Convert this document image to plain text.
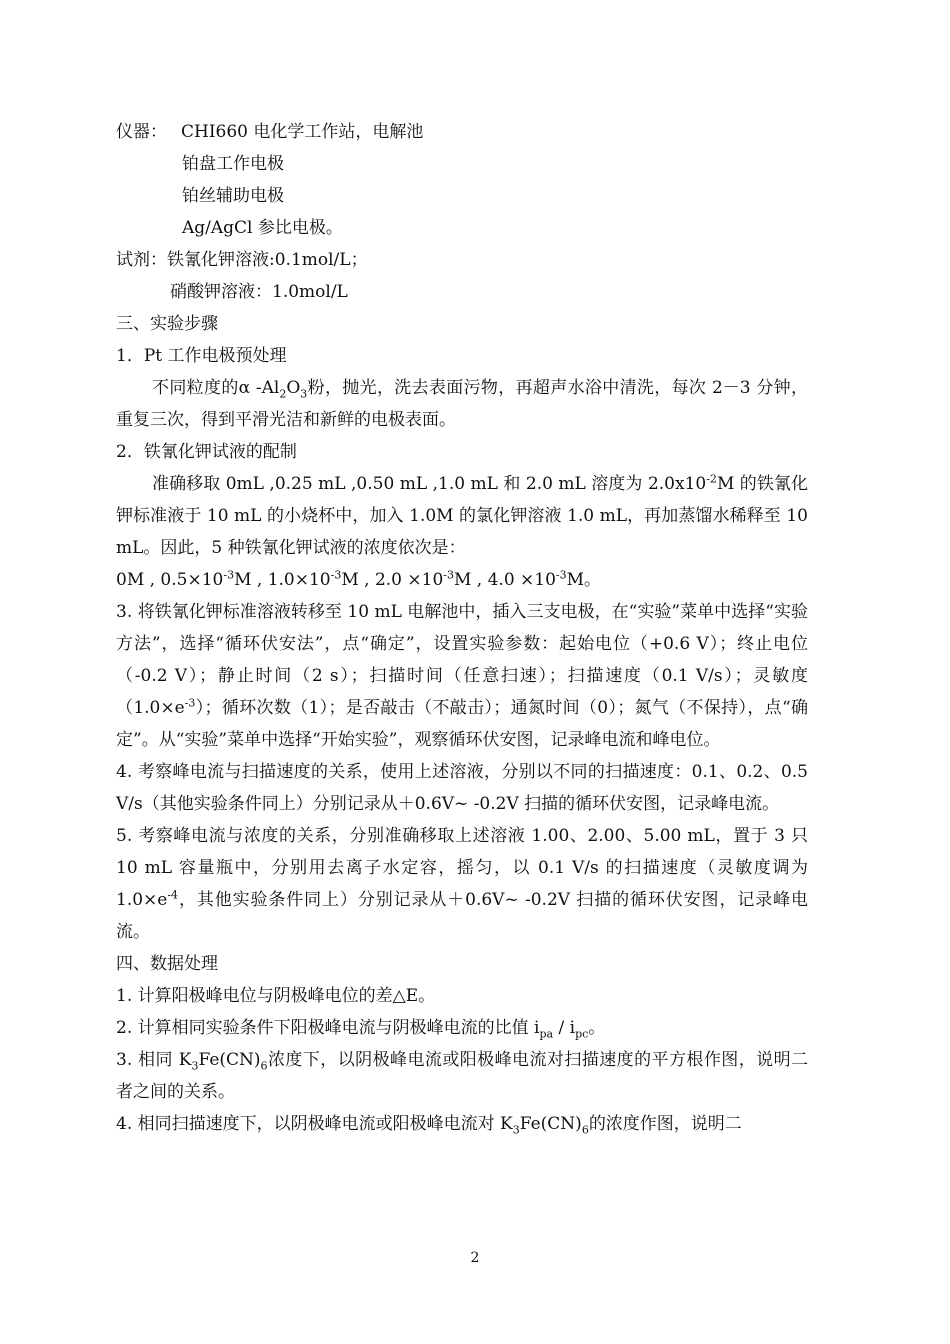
仪器： CHI660 电化学工作站，电解池
铂盘工作电极
铂丝辅助电极
Ag/AgCl 参比电极。
试剂：铁氰化钾溶液:0.1mol/L；
硝酸钾溶液：1.0mol/L
三、实验步骤
1．Pt 工作电极预处理
不同粒度的α $-Al_2O_3$粉，抛光，洗去表面污物，再超声水浴中清洗，每次 2－3 分钟，重复三次，得到平滑光洁和新鲜的电极表面。
2．铁氰化钾试液的配制
准确移取 0mL ,0.25 mL ,0.50 mL ,1.0 mL 和 2.0 mL 溶度为 $2.0x10^{-2}M$ 的铁氰化钾标准液于 10 mL 的小烧杯中，加入 1.0M 的氯化钾溶液 1.0 mL，再加蒸馏水稀释至 10 mL。因此，5 种铁氰化钾试液的浓度依次是：
0M , $0.5\times 10^{-3}M$ , $1.0\times 10^{-3}M$ , $2.0 \times 10^{-3}M$ , $4.0 \times 10^{-3}M$。
3. 将铁氰化钾标准溶液转移至 10 mL 电解池中，插入三支电极，在“实验”菜单中选择“实验方法”，选择“循环伏安法”，点“确定”，设置实验参数：起始电位（+0.6 V）；终止电位（-0.2 V）；静止时间（2 s）；扫描时间（任意扫速）；扫描速度（0.1 V/s）；灵敏度$(1.0\times e^{-3})$；循环次数（1）；是否敲击（不敲击）；通氮时间（0）；氮气（不保持），点“确定”。从“实验”菜单中选择“开始实验”，观察循环伏安图，记录峰电流和峰电位。
4. 考察峰电流与扫描速度的关系，使用上述溶液，分别以不同的扫描速度：0.1、0.2、0.5 V/s（其他实验条件同上）分别记录从＋0.6V~ -0.2V 扫描的循环伏安图，记录峰电流。
5. 考察峰电流与浓度的关系，分别准确移取上述溶液 1.00、2.00、5.00 mL，置于 3 只 10 mL 容量瓶中，分别用去离子水定容，摇匀，以 0.1 V/s 的扫描速度（灵敏度调为 $1.0\times e^{-4}$，其他实验条件同上）分别记录从＋0.6V~ -0.2V 扫描的循环伏安图，记录峰电流。
四、数据处理
1. 计算阳极峰电位与阴极峰电位的差△E。
2. 计算相同实验条件下阳极峰电流与阴极峰电流的比值 $i_{pa} / i_{pc}$。
3. 相同 $K_3Fe(CN)_6$浓度下，以阴极峰电流或阳极峰电流对扫描速度的平方根作图，说明二者之间的关系。
4. 相同扫描速度下，以阴极峰电流或阳极峰电流对 $K_3Fe(CN)_6$的浓度作图，说明二
2
